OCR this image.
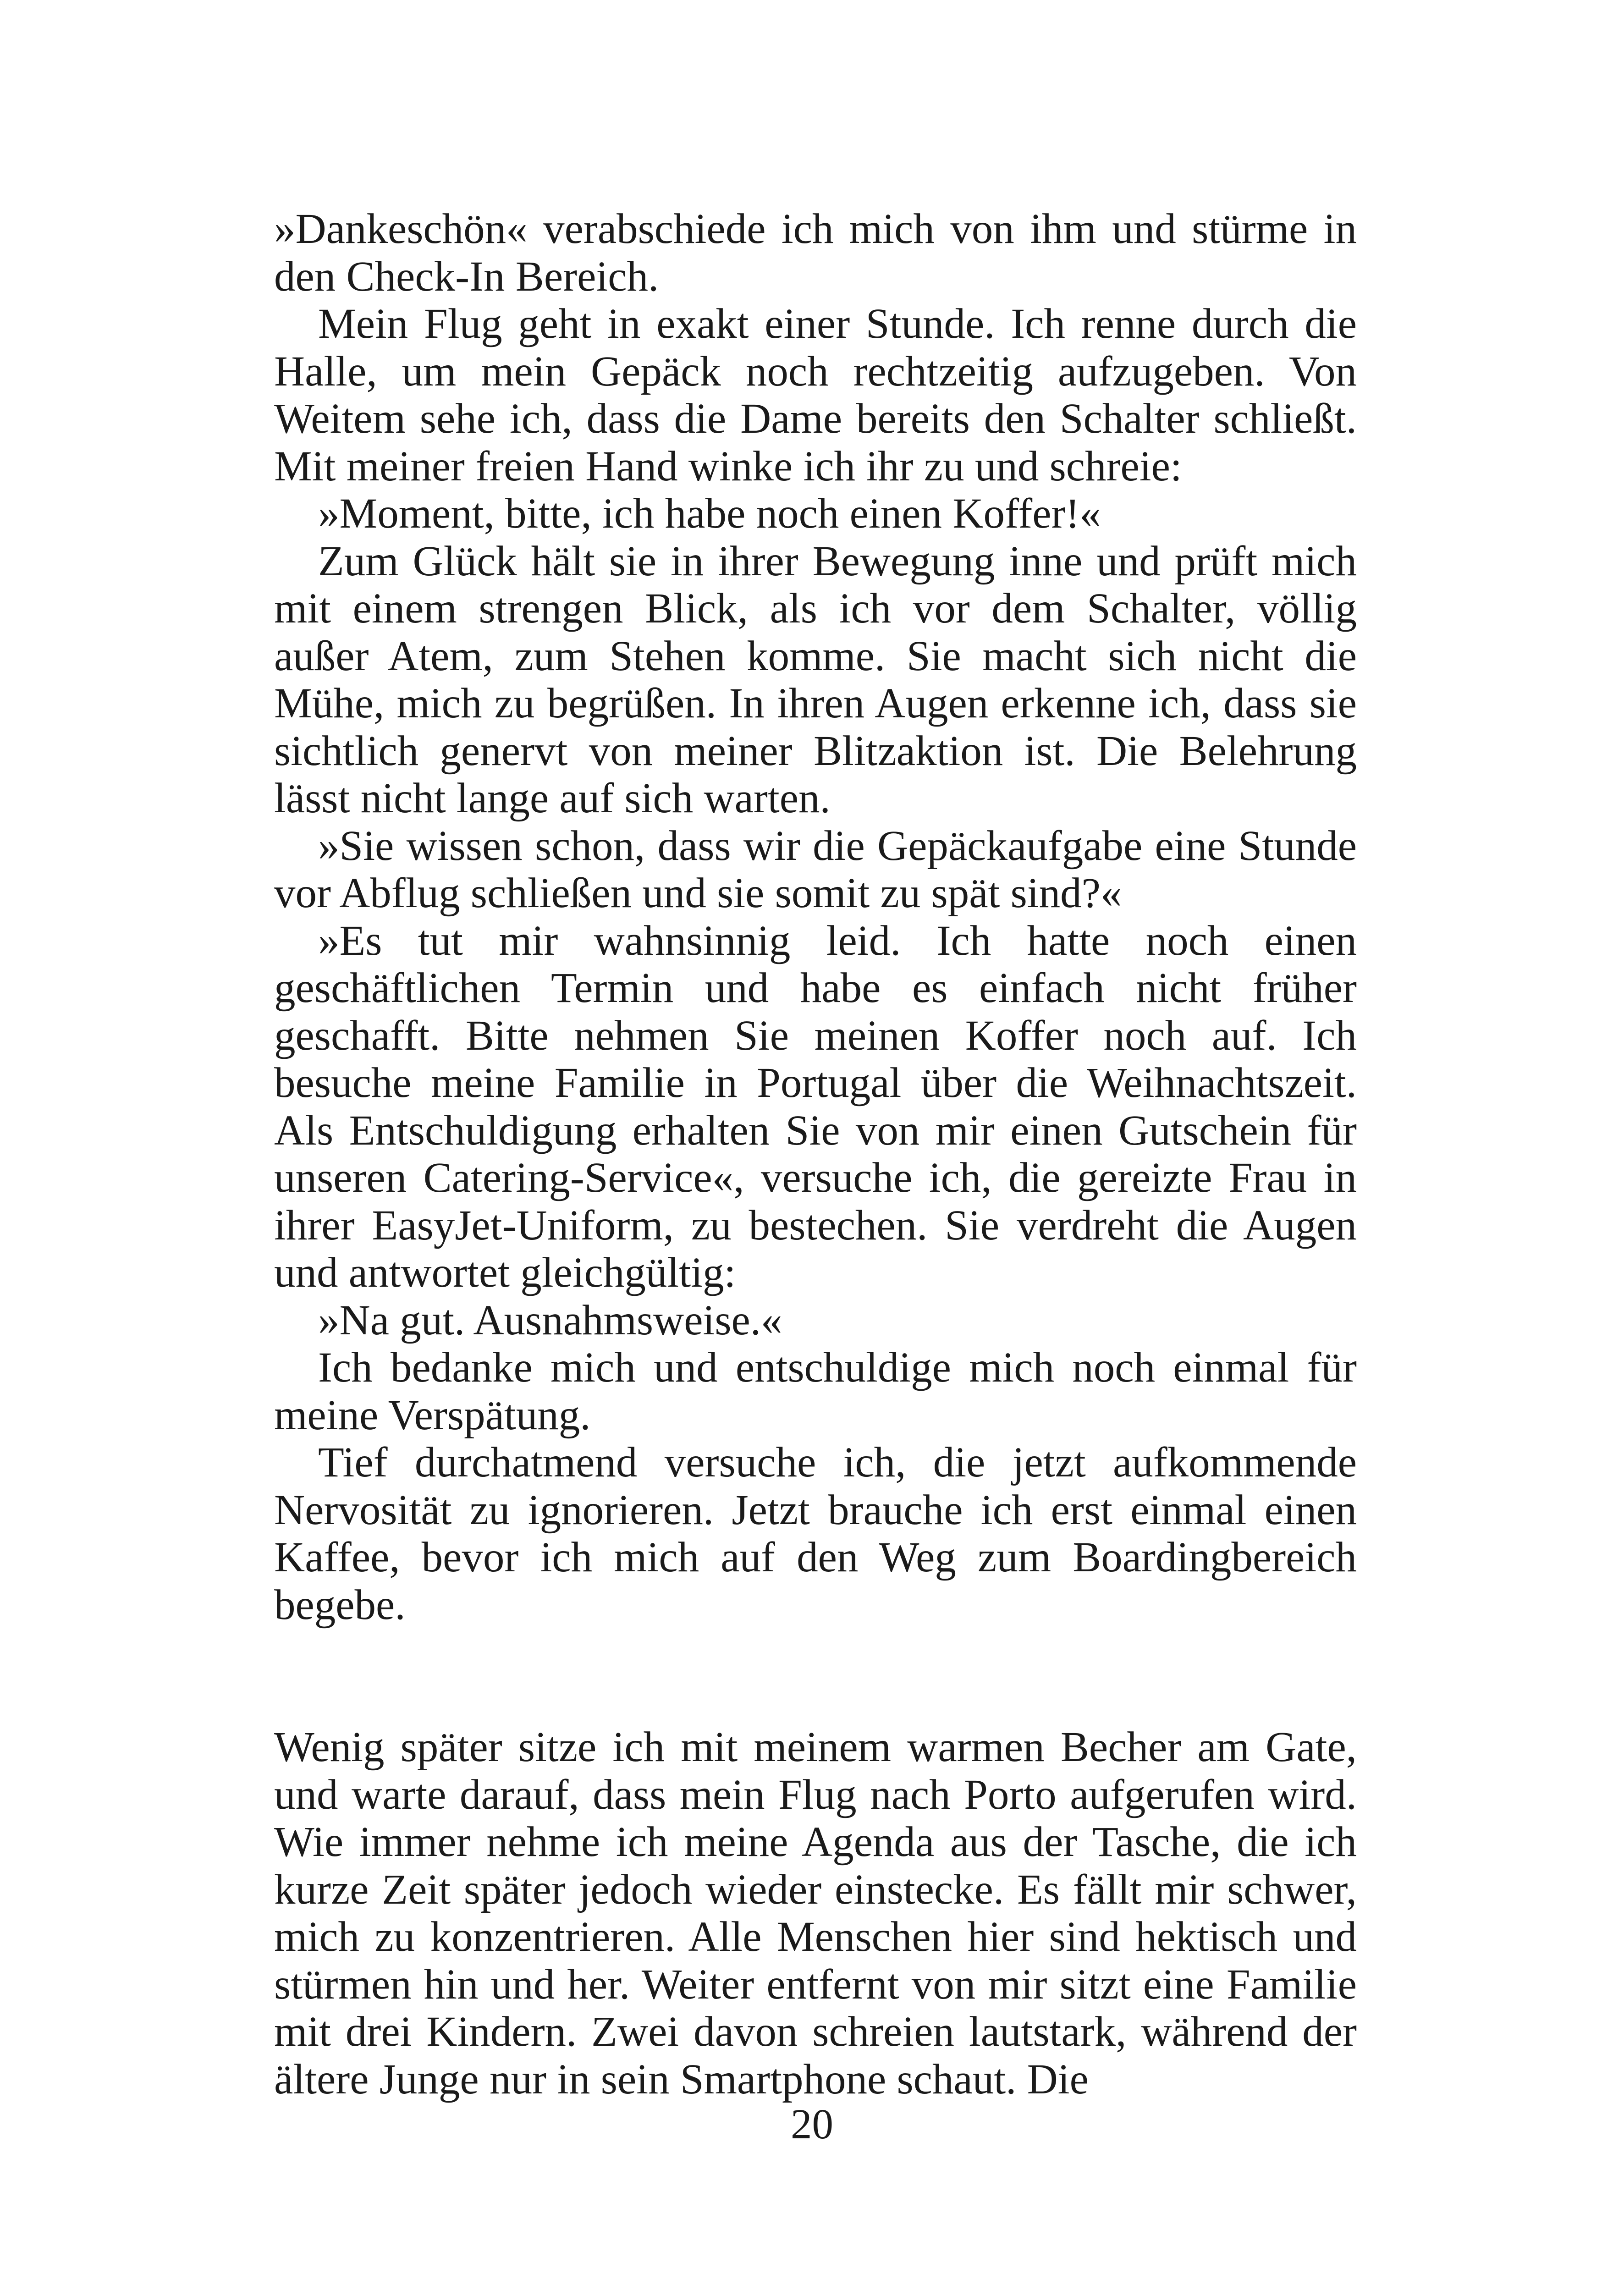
»Dankeschön« verabschiede ich mich von ihm und stürme in den Check-In Bereich.

Mein Flug geht in exakt einer Stunde. Ich renne durch die Halle, um mein Gepäck noch rechtzeitig aufzugeben. Von Weitem sehe ich, dass die Dame bereits den Schalter schließt. Mit meiner freien Hand winke ich ihr zu und schreie:

»Moment, bitte, ich habe noch einen Koffer!«

Zum Glück hält sie in ihrer Bewegung inne und prüft mich mit einem strengen Blick, als ich vor dem Schalter, völlig außer Atem, zum Stehen komme. Sie macht sich nicht die Mühe, mich zu begrüßen. In ihren Augen erkenne ich, dass sie sichtlich genervt von meiner Blitzaktion ist. Die Belehrung lässt nicht lange auf sich warten.

»Sie wissen schon, dass wir die Gepäckaufgabe eine Stunde vor Abflug schließen und sie somit zu spät sind?«

»Es tut mir wahnsinnig leid. Ich hatte noch einen geschäftlichen Termin und habe es einfach nicht früher geschafft. Bitte nehmen Sie meinen Koffer noch auf. Ich besuche meine Familie in Portugal über die Weihnachtszeit. Als Entschuldigung erhalten Sie von mir einen Gutschein für unseren Catering-Service«, versuche ich, die gereizte Frau in ihrer EasyJet-Uniform, zu bestechen. Sie verdreht die Augen und antwortet gleichgültig:

»Na gut. Ausnahmsweise.«

Ich bedanke mich und entschuldige mich noch einmal für meine Verspätung.

Tief durchatmend versuche ich, die jetzt aufkommende Nervosität zu ignorieren. Jetzt brauche ich erst einmal einen Kaffee, bevor ich mich auf den Weg zum Boardingbereich begebe.

Wenig später sitze ich mit meinem warmen Becher am Gate, und warte darauf, dass mein Flug nach Porto aufgerufen wird. Wie immer nehme ich meine Agenda aus der Tasche, die ich kurze Zeit später jedoch wieder einstecke. Es fällt mir schwer, mich zu konzentrieren. Alle Menschen hier sind hektisch und stürmen hin und her. Weiter entfernt von mir sitzt eine Familie mit drei Kindern. Zwei davon schreien lautstark, während der ältere Junge nur in sein Smartphone schaut. Die

20
